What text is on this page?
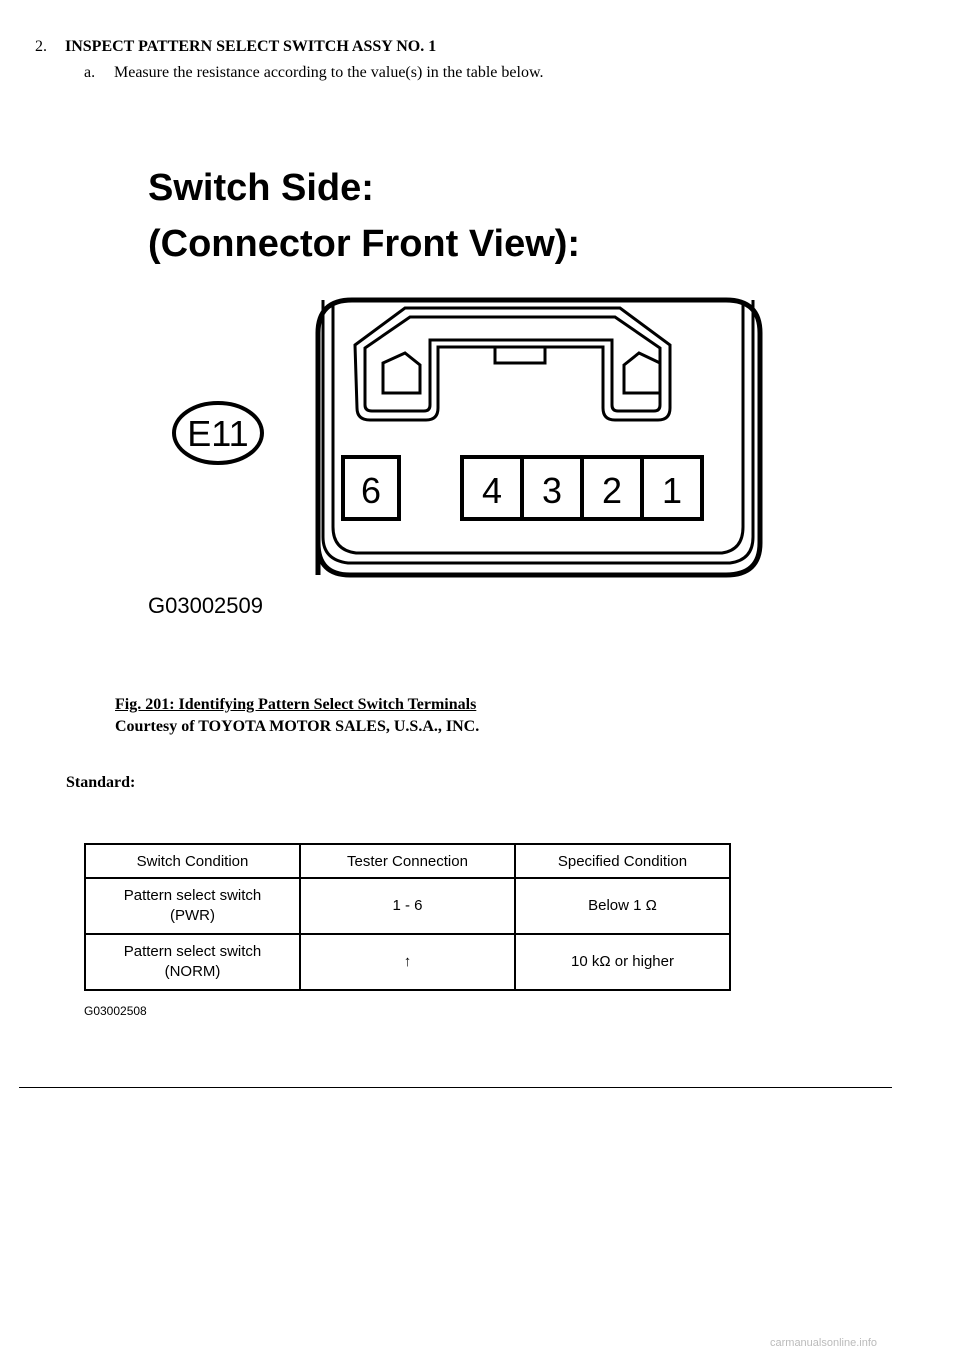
2. INSPECT PATTERN SELECT SWITCH ASSY NO. 1
a. Measure the resistance according to the value(s) in the table below.
Switch Side:
(Connector Front View):
6	4 3 2 1
E11
G03002509
Fig. 201: Identifying Pattern Select Switch Terminals
Courtesy of TOYOTA MOTOR SALES, U.S.A., INC.
Standard:
Switch Condition	Tester Connection	Specified Condition
Pattern select switch
(PWR)	1 - 6	Below 1 Ω
Pattern select switch
(NORM)	↑	10 kΩ or higher
G03002508
carmanualsonline.info
